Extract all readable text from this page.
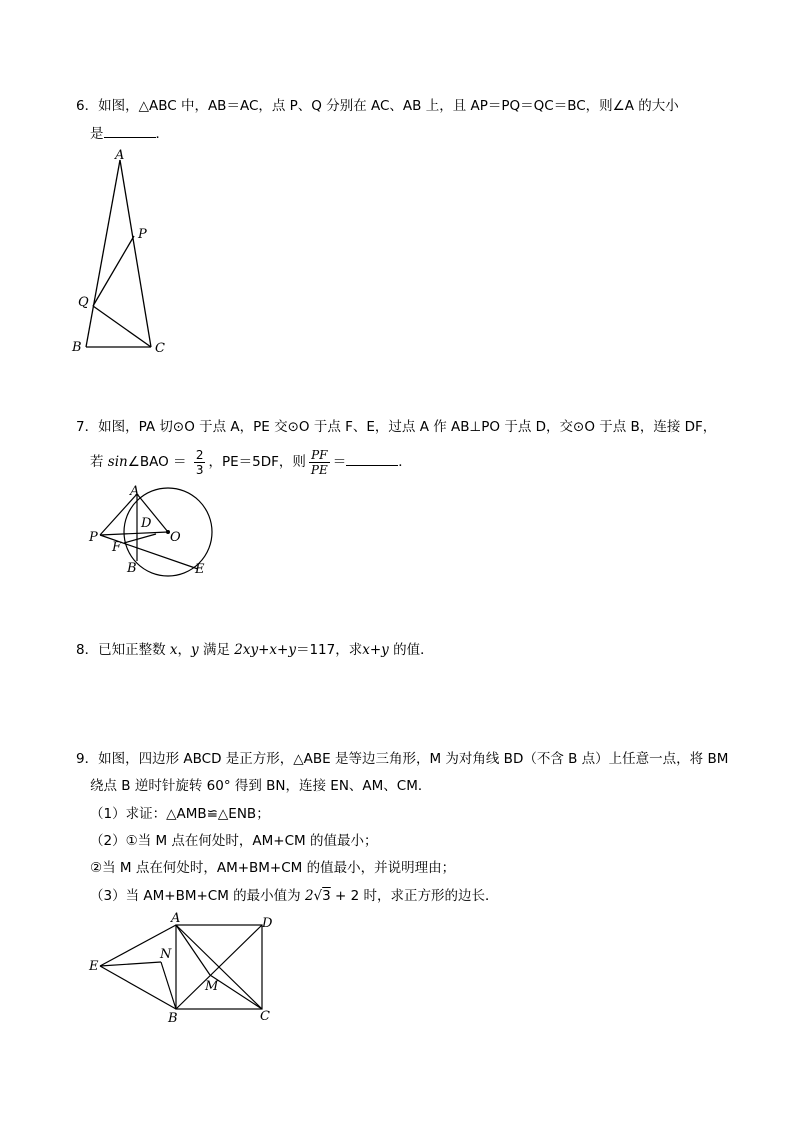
6．如图，△ABC 中，AB＝AC，点 P、Q 分别在 AC、AB 上，且 AP＝PQ＝QC＝BC，则∠A 的大小
是	．
A
P
Q
B	C
7．如图，PA 切⊙O 于点 A，PE 交⊙O 于点 F、E，过点 A 作 AB⊥PO 于点 D，交⊙O 于点 B，连接 DF，
若 sin∠BAO ＝ $\frac{2}{3}$ ，PE＝5DF，则 $\frac{PF}{PE}$ ＝	．
A
D
P	O
F
B	E
8．已知正整数 x，y 满足 2xy+x+y＝117，求x+y 的值．
9．如图，四边形 ABCD 是正方形，△ABE 是等边三角形，M 为对角线 BD（不含 B 点）上任意一点，将 BM
绕点 B 逆时针旋转 60° 得到 BN，连接 EN、AM、CM．
（1）求证：△AMB≌△ENB；
（2）①当 M 点在何处时，AM+CM 的值最小；
②当 M 点在何处时，AM+BM+CM 的值最小，并说明理由；
（3）当 AM+BM+CM 的最小值为 2√3 + 2 时，求正方形的边长．
A	D
E
N
M
B	C
